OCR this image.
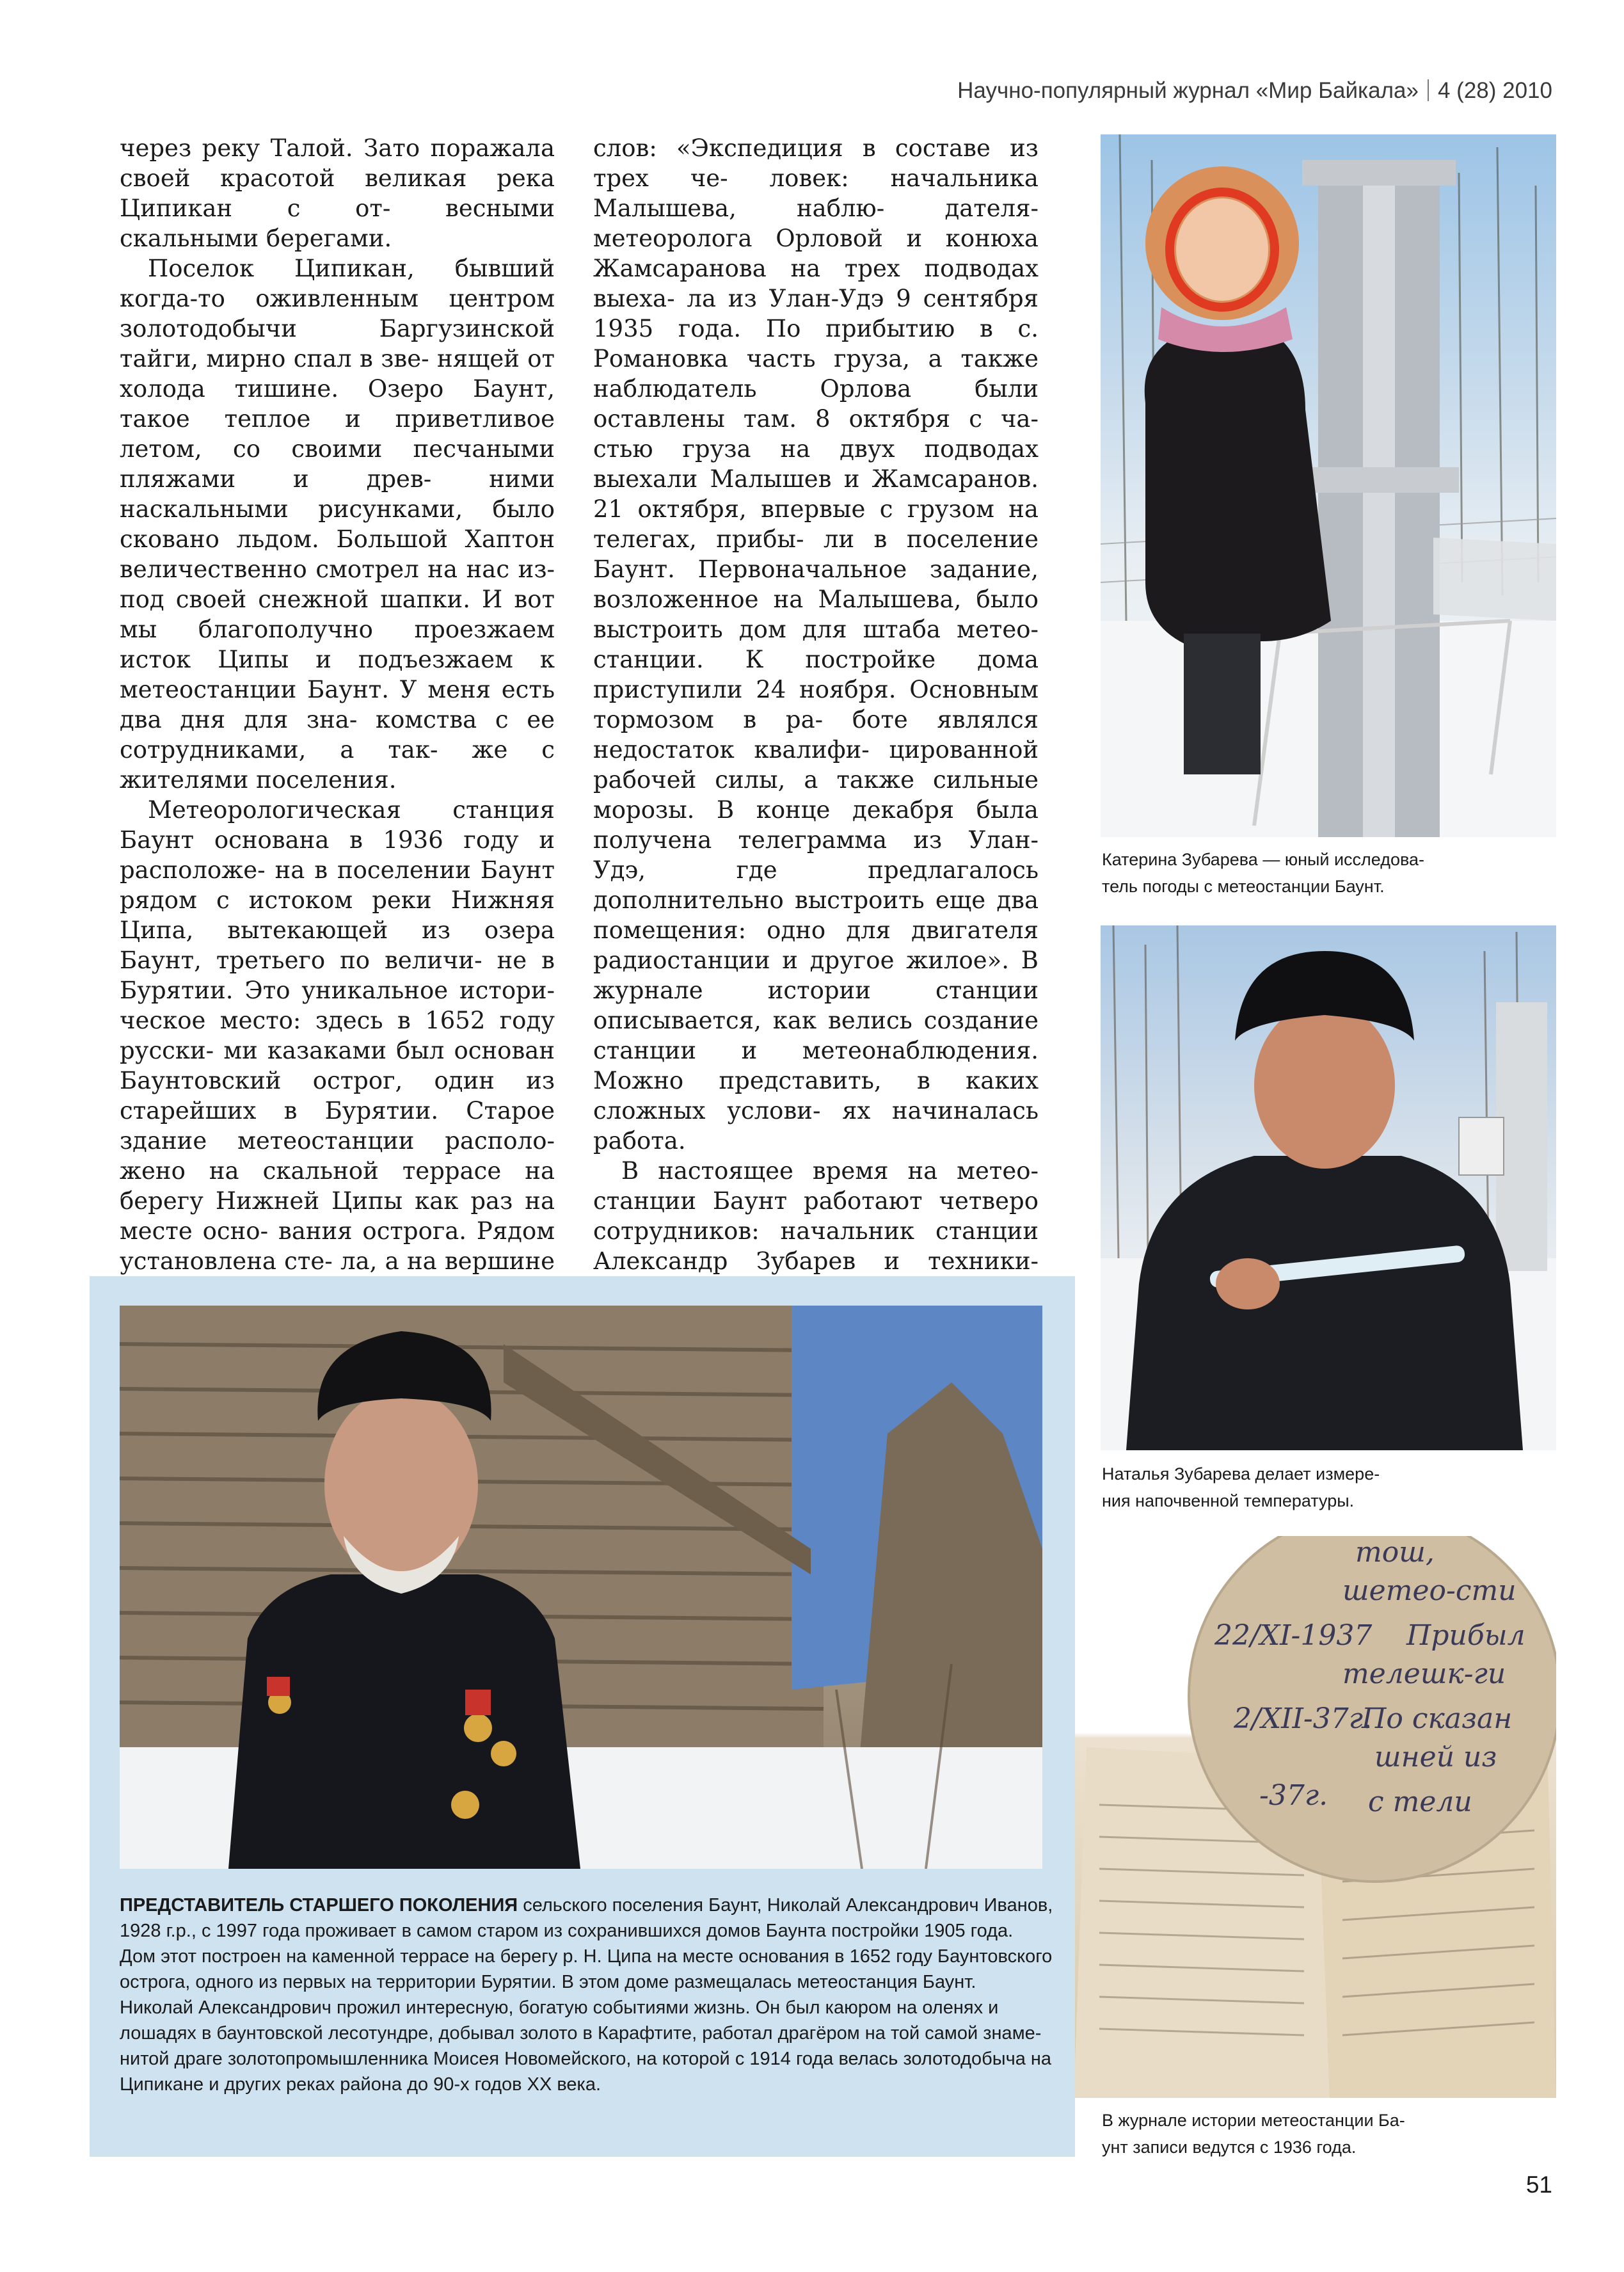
Научно-популярный журнал «Мир Байкала» 4 (28) 2010

через реку Талой. Зато поражала своей красотой великая река Ципикан с от- весными скальными берегами.

Поселок Ципикан, бывший когда-то оживленным центром золотодобычи	Баргузинской тайги, мирно спал в зве- нящей от холода тишине. Озеро Баунт, такое теплое и приветливое летом, со своими песчаными пляжами и древ- ними наскальными рисунками, было сковано льдом. Большой Хаптон величественно смотрел на нас из-под своей снежной шапки. И вот мы благополучно проезжаем исток Ципы и подъезжаем к метеостанции Баунт. У меня есть два дня для зна- комства с ее сотрудниками, а так- же с жителями поселения.

Метеорологическая станция Баунт основана в 1936 году и расположе- на в поселении Баунт рядом с истоком реки Нижняя Ципа, вытекающей из озера Баунт, третьего по величи- не в Бурятии. Это уникальное истори- ческое место: здесь в 1652 году русски- ми казаками был основан Баунтовский острог, один из старейших в Бурятии. Старое здание метеостанции располо- жено на скальной террасе на берегу Нижней Ципы как раз на месте осно- вания острога. Рядом установлена сте- ла, а на вершине

слов: «Экспедиция в составе из трех че- ловек: начальника Малышева, наблю-	дателя-метеоролога Орловой и конюха Жамсаранова на трех подводах выеха- ла из Улан-Удэ 9 сентября 1935 года. По прибытию в с. Романовка часть груза, а также наблюдатель Орлова	были оставлены там. 8 октября с ча- стью груза на двух подводах выехали Малышев и Жамсаранов. 21 октября, впервые с грузом на телегах, прибы- ли в поселение Баунт. Первоначальное задание, возложенное на Малышева, было выстроить дом для штаба метео- станции. К постройке дома приступили 24 ноября. Основным тормозом в ра- боте являлся недостаток квалифи- цированной рабочей силы, а также сильные морозы. В конце декабря была получена телеграмма из Улан- Удэ, где предлагалось дополнительно выстроить еще два помещения: одно для двигателя радиостанции и другое жилое». В журнале истории станции описывается, как велись создание станции и метеонаблюдения. Можно представить, в каких сложных услови- ях начиналась работа.

В настоящее время на метео- станции Баунт работают четверо сотрудников: начальник станции Александр Зубарев и техники-

Катерина Зубарева — юный исследова-
тель погоды с метеостанции Баунт.
Наталья Зубарева делает измере-
ния напочвенной температуры.
тош,
шетео-сти
22/XI-1937 Прибыл
телешк-ги
2/XII-37г.
По сказан
шней из
-37г. с тели
В журнале истории метеостанции Ба-
унт записи ведутся с 1936 года.
ПРЕДСТАВИТЕЛЬ СТАРШЕГО ПОКОЛЕНИЯ сельского поселения Баунт, Николай Александрович Иванов,
1928 г.р., с 1997 года проживает в самом старом из сохранившихся домов Баунта постройки 1905 года.
Дом этот построен на каменной террасе на берегу р. Н. Ципа на месте основания в 1652 году Баунтовского
острога, одного из первых на территории Бурятии. В этом доме размещалась метеостанция Баунт.
Николай Александрович прожил интересную, богатую событиями жизнь. Он был каюром на оленях и
лошадях в баунтовской лесотундре, добывал золото в Карафтите, работал драгёром на той самой знаме-
нитой драге золотопромышленника Моисея Новомейского, на которой с 1914 года велась золотодобыча на
Ципикане и других реках района до 90-х годов XX века.
51
